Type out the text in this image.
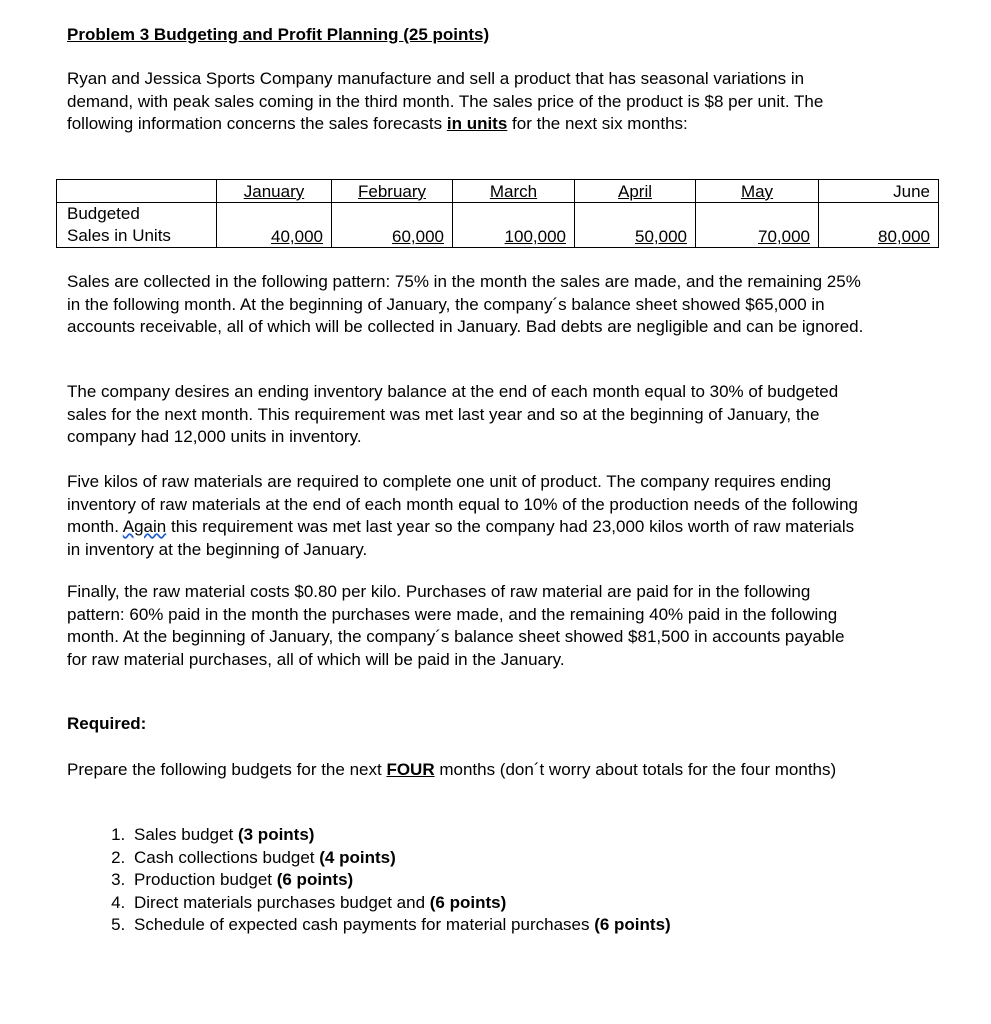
Problem 3 Budgeting and Profit Planning (25 points)

Ryan and Jessica Sports Company manufacture and sell a product that has seasonal variations in demand, with peak sales coming in the third month. The sales price of the product is $8 per unit. The following information concerns the sales forecasts in units for the next six months:

	January	February	March	April	May	June

Budgeted
Sales in Units	40,000	60,000	100,000	50,000	70,000	80,000

Sales are collected in the following pattern: 75% in the month the sales are made, and the remaining 25% in the following month. At the beginning of January, the company´s balance sheet showed $65,000 in accounts receivable, all of which will be collected in January. Bad debts are negligible and can be ignored.

The company desires an ending inventory balance at the end of each month equal to 30% of budgeted sales for the next month. This requirement was met last year and so at the beginning of January, the company had 12,000 units in inventory.

Five kilos of raw materials are required to complete one unit of product. The company requires ending inventory of raw materials at the end of each month equal to 10% of the production needs of the following month. Again this requirement was met last year so the company had 23,000 kilos worth of raw materials in inventory at the beginning of January.

Finally, the raw material costs $0.80 per kilo. Purchases of raw material are paid for in the following pattern: 60% paid in the month the purchases were made, and the remaining 40% paid in the following month. At the beginning of January, the company´s balance sheet showed $81,500 in accounts payable for raw material purchases, all of which will be paid in the January.

Required:

Prepare the following budgets for the next FOUR months (don´t worry about totals for the four months)

1. Sales budget (3 points)
2. Cash collections budget (4 points)
3. Production budget (6 points)
4. Direct materials purchases budget and (6 points)
5. Schedule of expected cash payments for material purchases (6 points)
